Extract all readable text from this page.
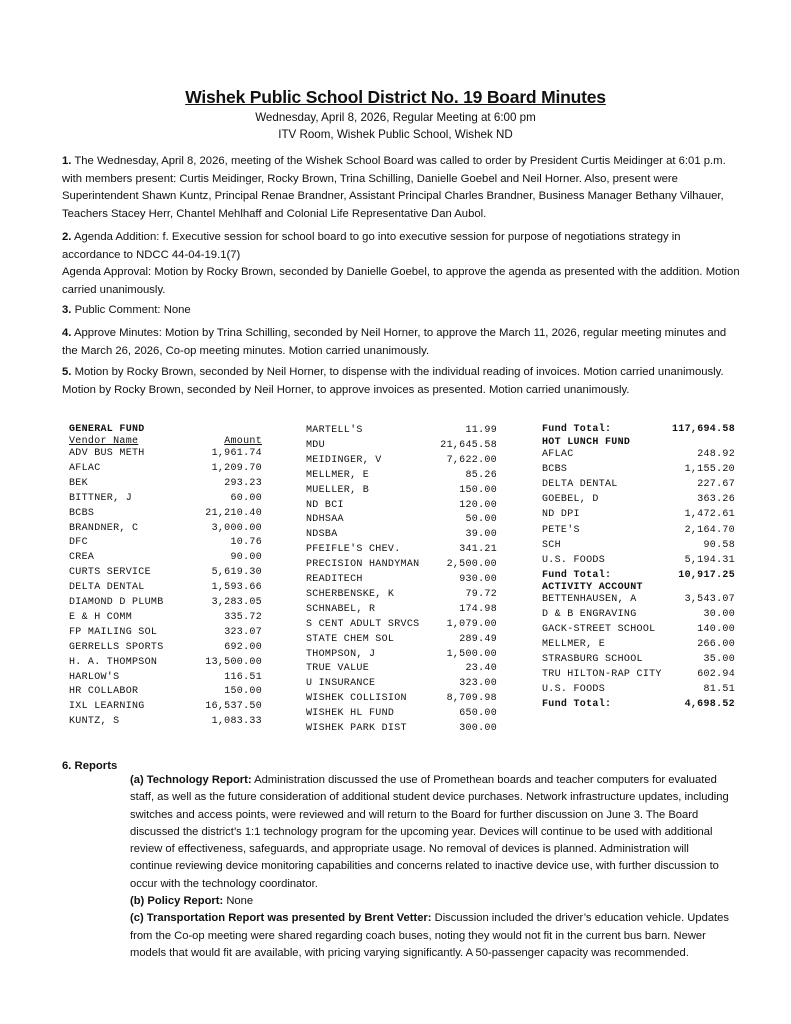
Wishek Public School District No. 19 Board Minutes
Wednesday, April 8, 2026, Regular Meeting at 6:00 pm
ITV Room, Wishek Public School, Wishek ND

1. The Wednesday, April 8, 2026, meeting of the Wishek School Board was called to order by President Curtis Meidinger at 6:01 p.m. with members present: Curtis Meidinger, Rocky Brown, Trina Schilling, Danielle Goebel and Neil Horner. Also, present were Superintendent Shawn Kuntz, Principal Renae Brandner, Assistant Principal Charles Brandner, Business Manager Bethany Vilhauer, Teachers Stacey Herr, Chantel Mehlhaff and Colonial Life Representative Dan Aubol.

2. Agenda Addition: f. Executive session for school board to go into executive session for purpose of negotiations strategy in accordance to NDCC 44-04-19.1(7)
Agenda Approval: Motion by Rocky Brown, seconded by Danielle Goebel, to approve the agenda as presented with the addition. Motion carried unanimously.

3. Public Comment: None

4. Approve Minutes: Motion by Trina Schilling, seconded by Neil Horner, to approve the March 11, 2026, regular meeting minutes and the March 26, 2026, Co-op meeting minutes. Motion carried unanimously.

5. Motion by Rocky Brown, seconded by Neil Horner, to dispense with the individual reading of invoices. Motion carried unanimously.
Motion by Rocky Brown, seconded by Neil Horner, to approve invoices as presented. Motion carried unanimously.

GENERAL FUND
Vendor Name	Amount
ADV BUS METH	1,961.74
AFLAC	1,209.70
BEK	293.23
BITTNER, J	60.00
BCBS	21,210.40
BRANDNER, C	3,000.00
DFC	10.76
CREA	90.00
CURTS SERVICE	5,619.30
DELTA DENTAL	1,593.66
DIAMOND D PLUMB	3,283.05
E & H COMM	335.72
FP MAILING SOL	323.07
GERRELLS SPORTS	692.00
H. A. THOMPSON	13,500.00
HARLOW'S	116.51
HR COLLABOR	150.00
IXL LEARNING	16,537.50
KUNTZ, S	1,083.33
MARTELL'S	11.99
MDU	21,645.58
MEIDINGER, V	7,622.00
MELLMER, E	85.26
MUELLER, B	150.00
ND BCI	120.00
NDHSAA	50.00
NDSBA	39.00
PFEIFLE'S CHEV.	341.21
PRECISION HANDYMAN	2,500.00
READITECH	930.00
SCHERBENSKE, K	79.72
SCHNABEL, R	174.98
S CENT ADULT SRVCS	1,079.00
STATE CHEM SOL	289.49
THOMPSON, J	1,500.00
TRUE VALUE	23.40
U INSURANCE	323.00
WISHEK COLLISION	8,709.98
WISHEK HL FUND	650.00
WISHEK PARK DIST	300.00
Fund Total:	117,694.58
HOT LUNCH FUND
AFLAC	248.92
BCBS	1,155.20
DELTA DENTAL	227.67
GOEBEL, D	363.26
ND DPI	1,472.61
PETE'S	2,164.70
SCH	90.58
U.S. FOODS	5,194.31
Fund Total:	10,917.25
ACTIVITY ACCOUNT
BETTENHAUSEN, A	3,543.07
D & B ENGRAVING	30.00
GACK-STREET SCHOOL	140.00
MELLMER, E	266.00
STRASBURG SCHOOL	35.00
TRU HILTON-RAP CITY	602.94
U.S. FOODS	81.51
Fund Total:	4,698.52
6. Reports

(a) Technology Report: Administration discussed the use of Promethean boards and teacher computers for evaluated staff, as well as the future consideration of additional student device purchases. Network infrastructure updates, including switches and access points, were reviewed and will return to the Board for further discussion on June 3. The Board discussed the district’s 1:1 technology program for the upcoming year. Devices will continue to be used with additional review of effectiveness, safeguards, and appropriate usage. No removal of devices is planned. Administration will continue reviewing device monitoring capabilities and concerns related to inactive device use, with further discussion to occur with the technology coordinator.
(b) Policy Report: None
(c) Transportation Report was presented by Brent Vetter: Discussion included the driver’s education vehicle. Updates from the Co-op meeting were shared regarding coach buses, noting they would not fit in the current bus barn. Newer models that would fit are available, with pricing varying significantly. A 50-passenger capacity was recommended.
